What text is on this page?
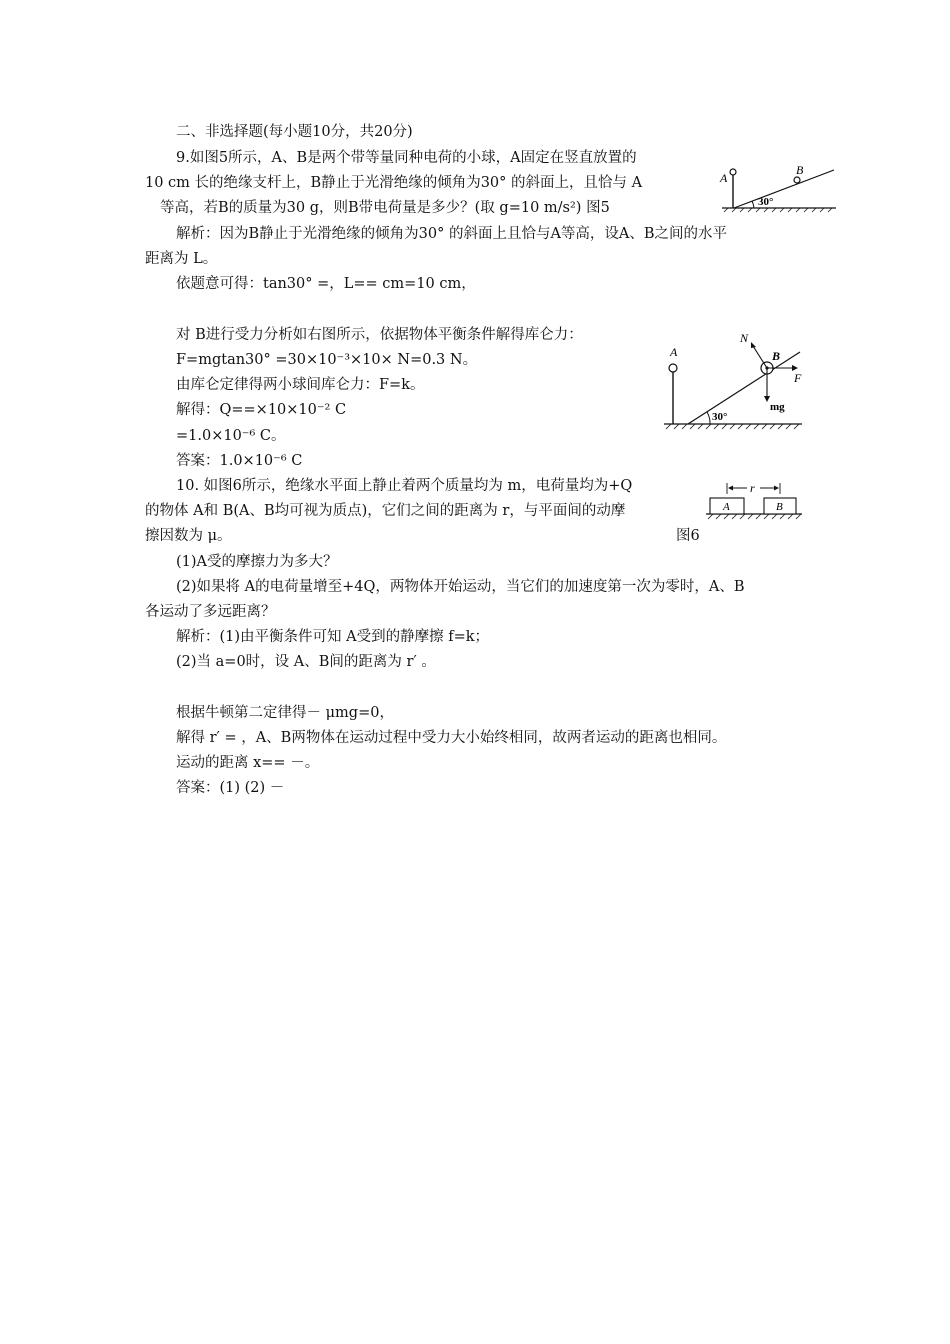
二、非选择题(每小题10分，共20分)
9.如图5所示，A、B是两个带等量同种电荷的小球，A固定在竖直放置的
10 cm 长的绝缘支杆上，B静止于光滑绝缘的倾角为30° 的斜面上，且恰与 A
等高，若B的质量为30 g，则B带电荷量是多少？(取 g=10 m/s²) 图5
A
B
30°
解析：因为B静止于光滑绝缘的倾角为30° 的斜面上且恰与A等高，设A、B之间的水平
距离为 L。
依题意可得：tan30° =，L== cm=10 cm，
对 B进行受力分析如右图所示，依据物体平衡条件解得库仑力：
F=mgtan30° =30×10⁻³×10× N=0.3 N。
由库仑定律得两小球间库仑力：F=k。
解得：Q==×10×10⁻² C
=1.0×10⁻⁶ C。
答案：1.0×10⁻⁶ C
A
N
B
F
mg
30°
10. 如图6所示，绝缘水平面上静止着两个质量均为 m，电荷量均为+Q
的物体 A和 B(A、B均可视为质点)，它们之间的距离为 r，与平面间的动摩
擦因数为 μ。	图6
r
A	B
(1)A受的摩擦力为多大？
(2)如果将 A的电荷量增至+4Q，两物体开始运动，当它们的加速度第一次为零时，A、B
各运动了多远距离？
解析：(1)由平衡条件可知 A受到的静摩擦 f=k；
(2)当 a=0时，设 A、B间的距离为 r′ 。
根据牛顿第二定律得－ μmg=0，
解得 r′ = ，A、B两物体在运动过程中受力大小始终相同，故两者运动的距离也相同。
运动的距离 x== －。
答案：(1) (2) －
